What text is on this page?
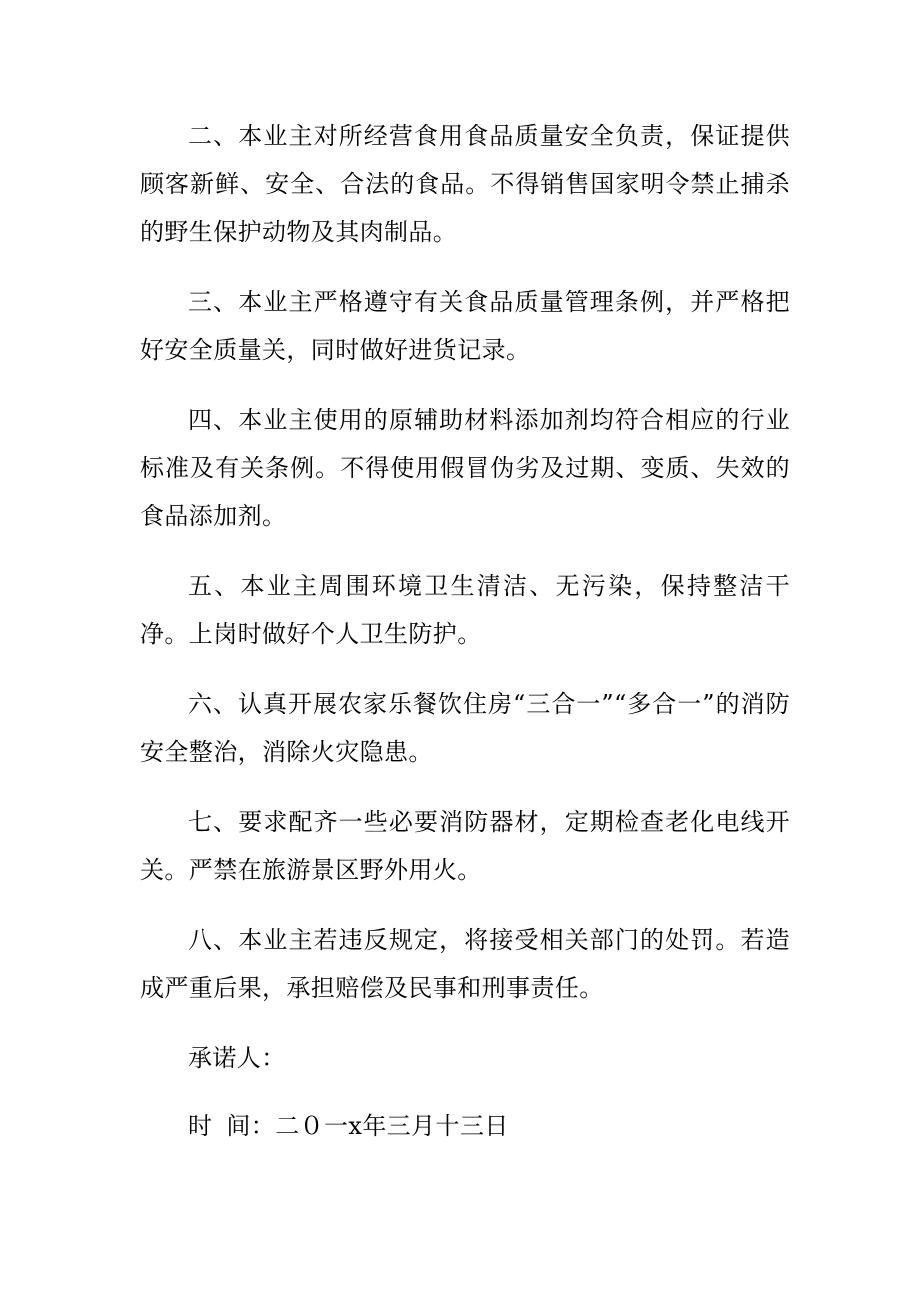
二、本业主对所经营食用食品质量安全负责，保证提供顾客新鲜、安全、合法的食品。不得销售国家明令禁止捕杀的野生保护动物及其肉制品。

三、本业主严格遵守有关食品质量管理条例，并严格把好安全质量关，同时做好进货记录。

四、本业主使用的原辅助材料添加剂均符合相应的行业标准及有关条例。不得使用假冒伪劣及过期、变质、失效的食品添加剂。

五、本业主周围环境卫生清洁、无污染，保持整洁干净。上岗时做好个人卫生防护。

六、认真开展农家乐餐饮住房“三合一”“多合一”的消防安全整治，消除火灾隐患。

七、要求配齐一些必要消防器材，定期检查老化电线开关。严禁在旅游景区野外用火。

八、本业主若违反规定，将接受相关部门的处罚。若造成严重后果，承担赔偿及民事和刑事责任。

承诺人：
时 间：二０一x年三月十三日
